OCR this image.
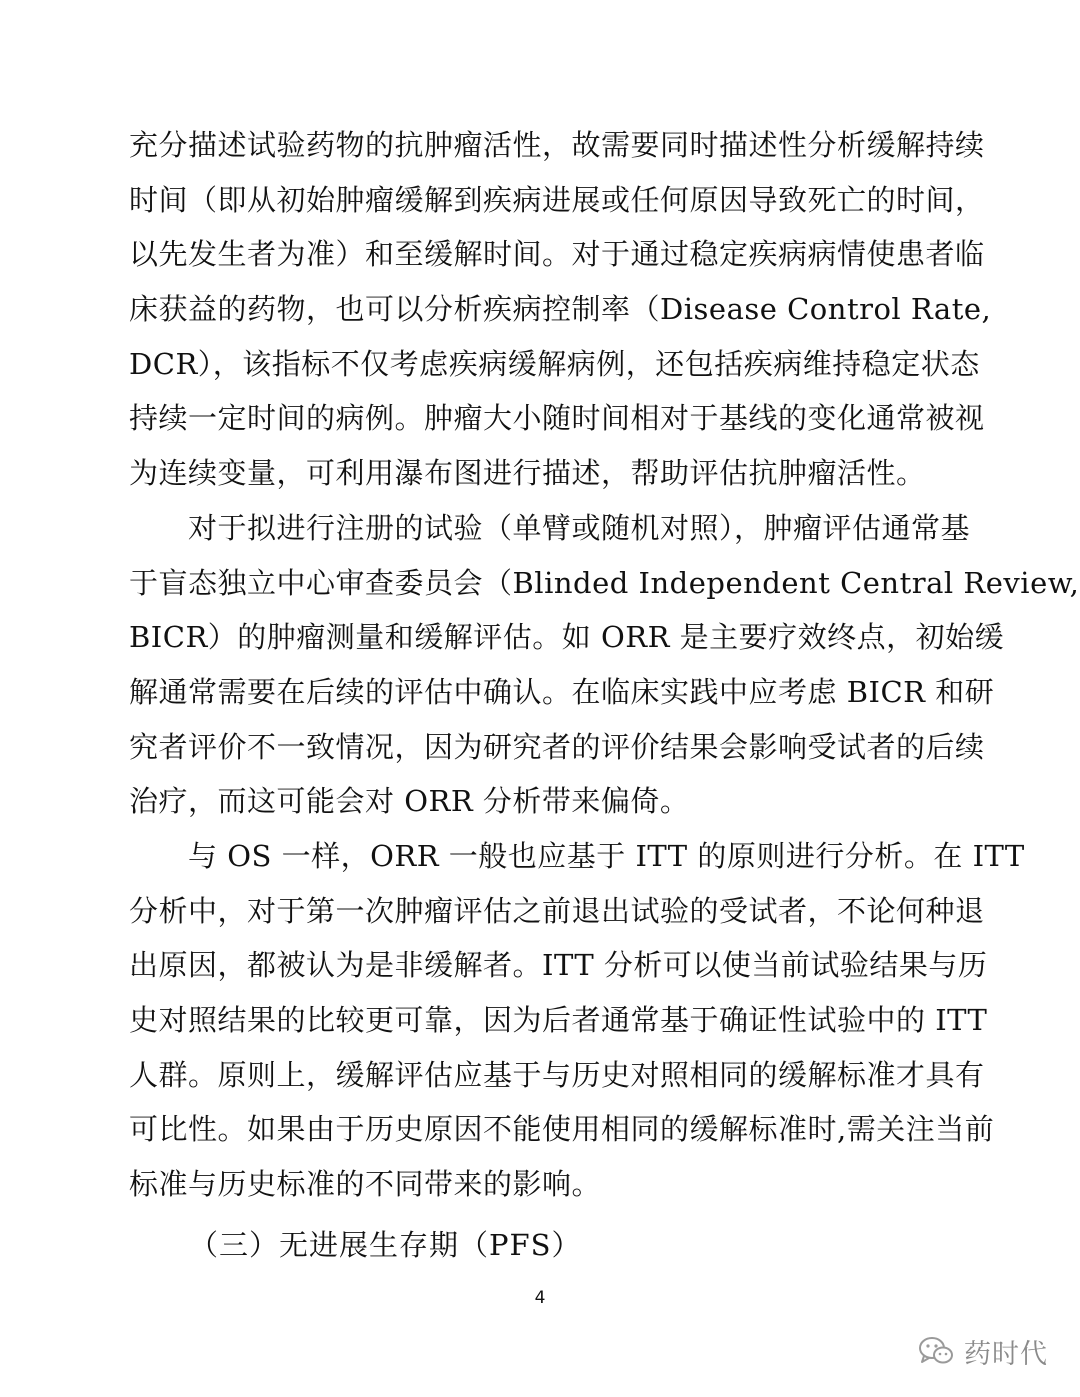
充分描述试验药物的抗肿瘤活性，故需要同时描述性分析缓解持续
时间（即从初始肿瘤缓解到疾病进展或任何原因导致死亡的时间，
以先发生者为准）和至缓解时间。对于通过稳定疾病病情使患者临
床获益的药物，也可以分析疾病控制率（Disease Control Rate,
DCR），该指标不仅考虑疾病缓解病例，还包括疾病维持稳定状态
持续一定时间的病例。肿瘤大小随时间相对于基线的变化通常被视
为连续变量，可利用瀑布图进行描述，帮助评估抗肿瘤活性。
　　对于拟进行注册的试验（单臂或随机对照），肿瘤评估通常基
于盲态独立中心审查委员会（Blinded Independent Central Review,
BICR）的肿瘤测量和缓解评估。如 ORR 是主要疗效终点，初始缓
解通常需要在后续的评估中确认。在临床实践中应考虑 BICR 和研
究者评价不一致情况，因为研究者的评价结果会影响受试者的后续
治疗，而这可能会对 ORR 分析带来偏倚。
　　与 OS 一样，ORR 一般也应基于 ITT 的原则进行分析。在 ITT
分析中，对于第一次肿瘤评估之前退出试验的受试者，不论何种退
出原因，都被认为是非缓解者。ITT 分析可以使当前试验结果与历
史对照结果的比较更可靠，因为后者通常基于确证性试验中的 ITT
人群。原则上，缓解评估应基于与历史对照相同的缓解标准才具有
可比性。如果由于历史原因不能使用相同的缓解标准时,需关注当前
标准与历史标准的不同带来的影响。
（三）无进展生存期（PFS）
4
药时代
